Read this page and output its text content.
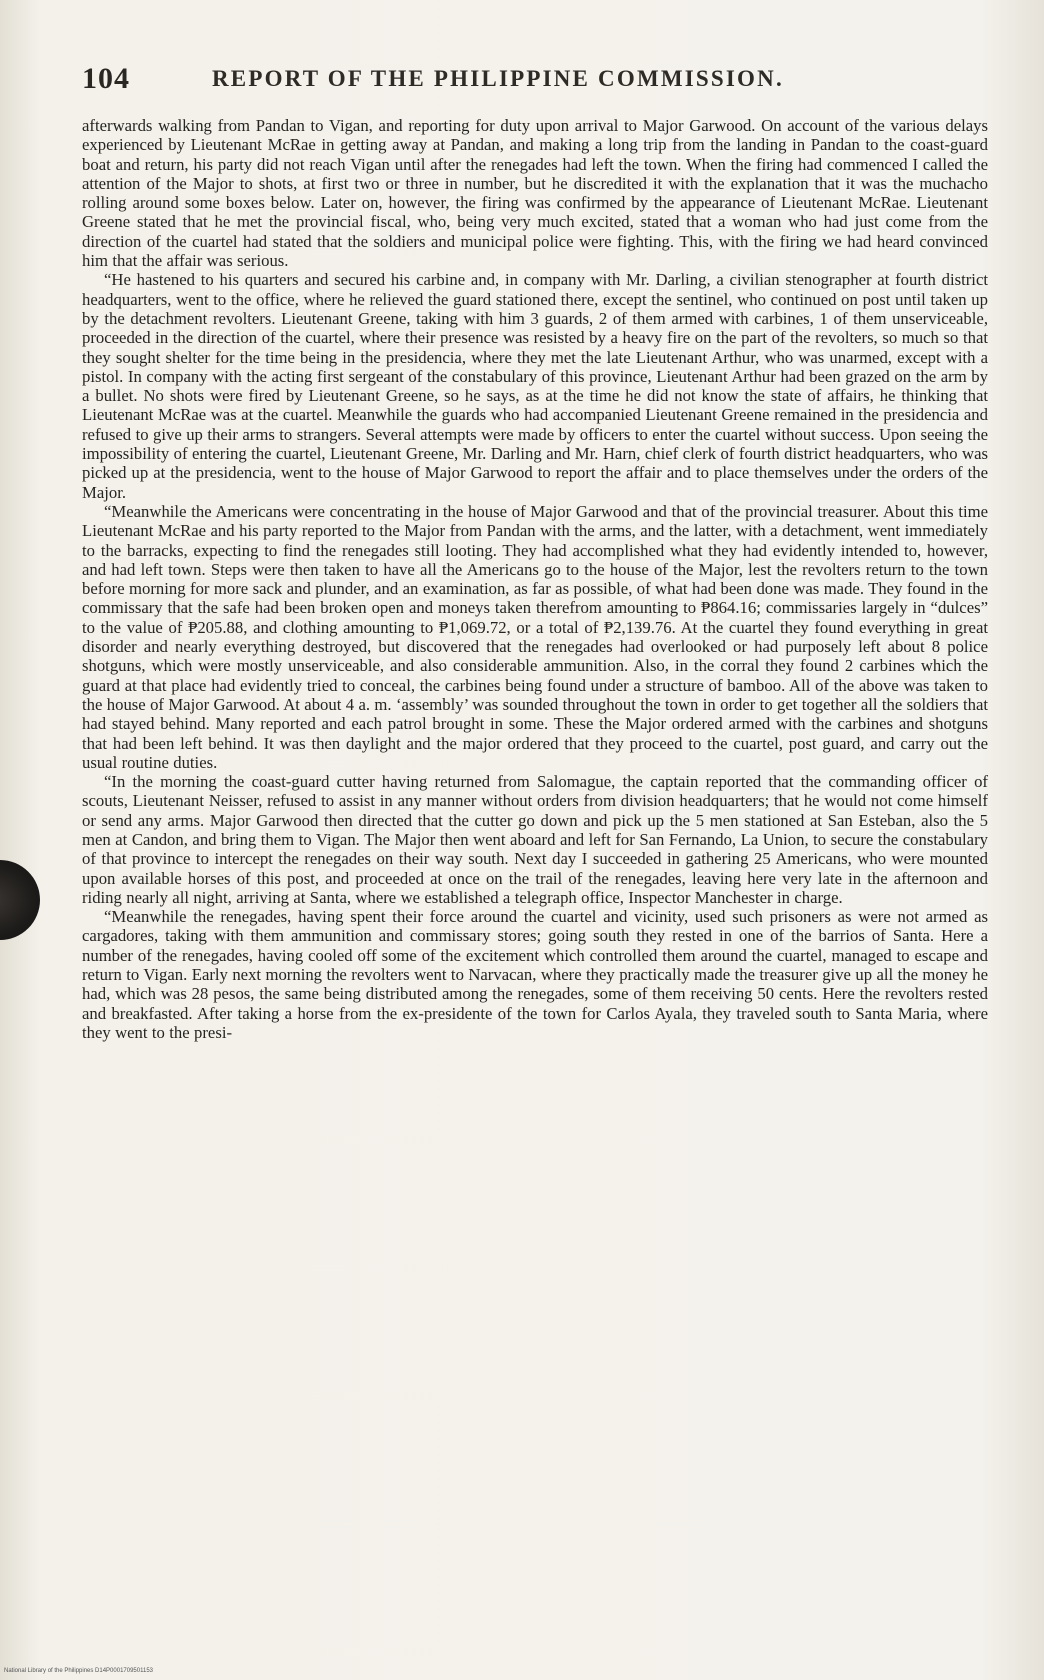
104	REPORT OF THE PHILIPPINE COMMISSION.

afterwards walking from Pandan to Vigan, and reporting for duty upon arrival to Major Garwood. On account of the various delays experienced by Lieutenant McRae in getting away at Pandan, and making a long trip from the landing in Pandan to the coast-guard boat and return, his party did not reach Vigan until after the renegades had left the town. When the firing had commenced I called the attention of the Major to shots, at first two or three in number, but he discredited it with the explanation that it was the muchacho rolling around some boxes below. Later on, however, the firing was confirmed by the appearance of Lieutenant McRae. Lieutenant Greene stated that he met the provincial fiscal, who, being very much excited, stated that a woman who had just come from the direction of the cuartel had stated that the soldiers and municipal police were fighting. This, with the firing we had heard convinced him that the affair was serious.

“He hastened to his quarters and secured his carbine and, in company with Mr. Darling, a civilian stenographer at fourth district headquarters, went to the office, where he relieved the guard stationed there, except the sentinel, who continued on post until taken up by the detachment revolters. Lieutenant Greene, taking with him 3 guards, 2 of them armed with carbines, 1 of them unserviceable, proceeded in the direction of the cuartel, where their presence was resisted by a heavy fire on the part of the revolters, so much so that they sought shelter for the time being in the presidencia, where they met the late Lieutenant Arthur, who was unarmed, except with a pistol. In company with the acting first sergeant of the constabulary of this province, Lieutenant Arthur had been grazed on the arm by a bullet. No shots were fired by Lieutenant Greene, so he says, as at the time he did not know the state of affairs, he thinking that Lieutenant McRae was at the cuartel. Meanwhile the guards who had accompanied Lieutenant Greene remained in the presidencia and refused to give up their arms to strangers. Several attempts were made by officers to enter the cuartel without success. Upon seeing the impossibility of entering the cuartel, Lieutenant Greene, Mr. Darling and Mr. Harn, chief clerk of fourth district headquarters, who was picked up at the presidencia, went to the house of Major Garwood to report the affair and to place themselves under the orders of the Major.

“Meanwhile the Americans were concentrating in the house of Major Garwood and that of the provincial treasurer. About this time Lieutenant McRae and his party reported to the Major from Pandan with the arms, and the latter, with a detachment, went immediately to the barracks, expecting to find the renegades still looting. They had accomplished what they had evidently intended to, however, and had left town. Steps were then taken to have all the Americans go to the house of the Major, lest the revolters return to the town before morning for more sack and plunder, and an examination, as far as possible, of what had been done was made. They found in the commissary that the safe had been broken open and moneys taken therefrom amounting to ₱864.16; commissaries largely in “dulces” to the value of ₱205.88, and clothing amounting to ₱1,069.72, or a total of ₱2,139.76. At the cuartel they found everything in great disorder and nearly everything destroyed, but discovered that the renegades had overlooked or had purposely left about 8 police shotguns, which were mostly unserviceable, and also considerable ammunition. Also, in the corral they found 2 carbines which the guard at that place had evidently tried to conceal, the carbines being found under a structure of bamboo. All of the above was taken to the house of Major Garwood. At about 4 a. m. ‘assembly’ was sounded throughout the town in order to get together all the soldiers that had stayed behind. Many reported and each patrol brought in some. These the Major ordered armed with the carbines and shotguns that had been left behind. It was then daylight and the major ordered that they proceed to the cuartel, post guard, and carry out the usual routine duties.

“In the morning the coast-guard cutter having returned from Salomague, the captain reported that the commanding officer of scouts, Lieutenant Neisser, refused to assist in any manner without orders from division headquarters; that he would not come himself or send any arms. Major Garwood then directed that the cutter go down and pick up the 5 men stationed at San Esteban, also the 5 men at Candon, and bring them to Vigan. The Major then went aboard and left for San Fernando, La Union, to secure the constabulary of that province to intercept the renegades on their way south. Next day I succeeded in gathering 25 Americans, who were mounted upon available horses of this post, and proceeded at once on the trail of the renegades, leaving here very late in the afternoon and riding nearly all night, arriving at Santa, where we established a telegraph office, Inspector Manchester in charge.

“Meanwhile the renegades, having spent their force around the cuartel and vicinity, used such prisoners as were not armed as cargadores, taking with them ammunition and commissary stores; going south they rested in one of the barrios of Santa. Here a number of the renegades, having cooled off some of the excitement which controlled them around the cuartel, managed to escape and return to Vigan. Early next morning the revolters went to Narvacan, where they practically made the treasurer give up all the money he had, which was 28 pesos, the same being distributed among the renegades, some of them receiving 50 cents. Here the revolters rested and breakfasted. After taking a horse from the ex-presidente of the town for Carlos Ayala, they traveled south to Santa Maria, where they went to the presi-

National Library of the Philippines D14P0001709501153
